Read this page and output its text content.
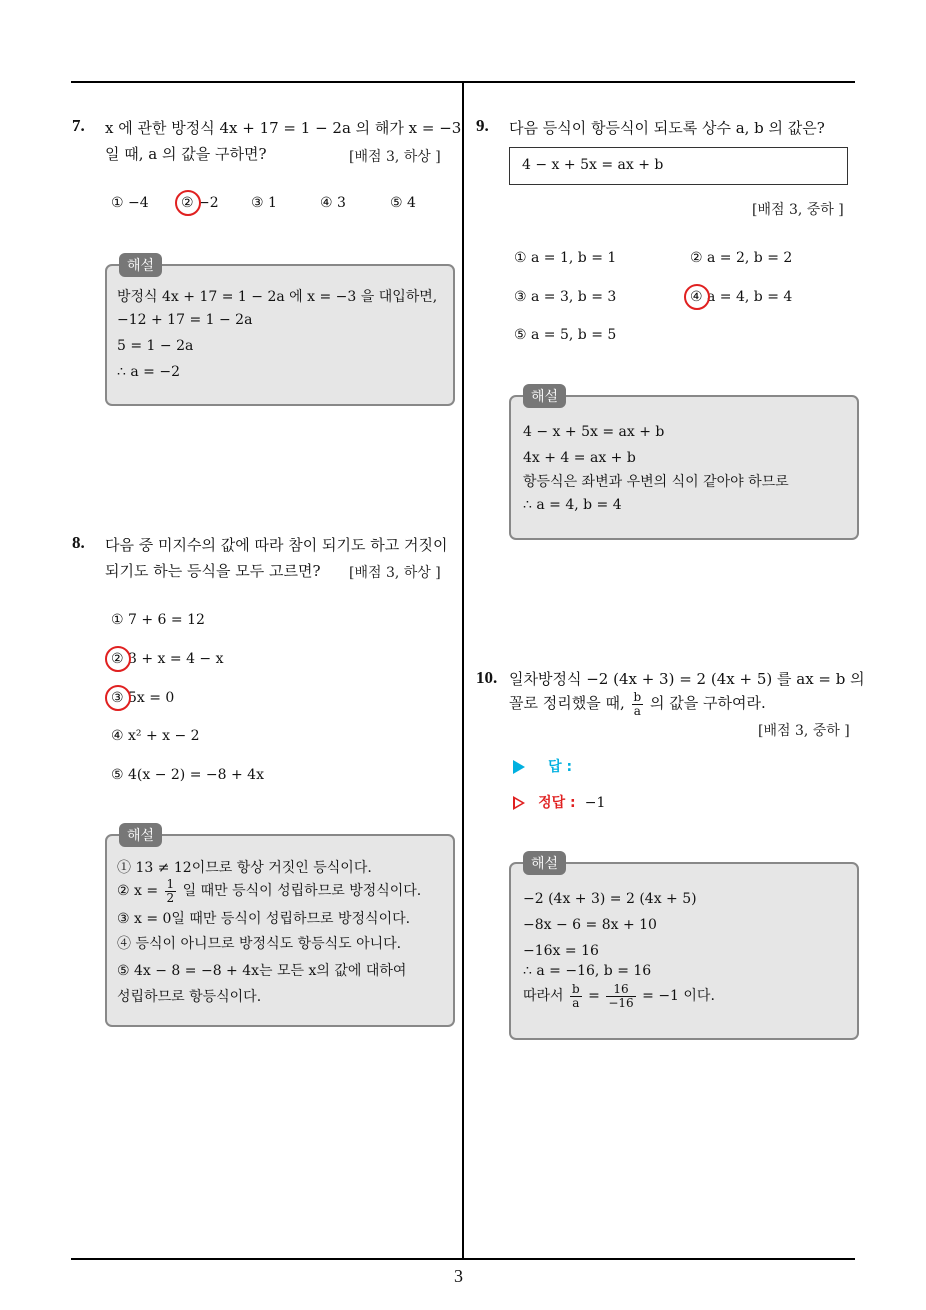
3
7. x 에 관한 방정식 4x + 17 = 1 − 2a 의 해가 x = −3
일 때, a 의 값을 구하면?	[배점 3, 하상 ]
① −4 ② −2 ③ 1	④ 3	⑤ 4
해설
방정식 4x + 17 = 1 − 2a 에 x = −3 을 대입하면,
−12 + 17 = 1 − 2a
5 = 1 − 2a
∴ a = −2
8. 다음 중 미지수의 값에 따라 참이 되기도 하고 거짓이
되기도 하는 등식을 모두 고르면? [배점 3, 하상 ]
① 7 + 6 = 12
② 3 + x = 4 − x
③ 5x = 0
④ x² + x − 2
⑤ 4(x − 2) = −8 + 4x
해설
① 13 ≠ 12이므로 항상 거짓인 등식이다.
② $x = \frac{1}{2}$ 일 때만 등식이 성립하므로 방정식이다.
③ x = 0일 때만 등식이 성립하므로 방정식이다.
④ 등식이 아니므로 방정식도 항등식도 아니다.
⑤ 4x − 8 = −8 + 4x는 모든 x의 값에 대하여
성립하므로 항등식이다.
9. 다음 등식이 항등식이 되도록 상수 a, b 의 값은?
4 − x + 5x = ax + b
[배점 3, 중하 ]
① a = 1, b = 1	② a = 2, b = 2
③ a = 3, b = 3	④ a = 4, b = 4
⑤ a = 5, b = 5
해설
4 − x + 5x = ax + b
4x + 4 = ax + b
항등식은 좌변과 우변의 식이 같아야 하므로
∴ a = 4, b = 4
10. 일차방정식 −2 (4x + 3) = 2 (4x + 5) 를 ax = b 의
꼴로 정리했을 때, $\frac{b}{a}$ 의 값을 구하여라.
[배점 3, 중하 ]
답 :
정답 : −1
해설
−2 (4x + 3) = 2 (4x + 5)
−8x − 6 = 8x + 10
−16x = 16
∴ a = −16, b = 16
따라서 $\frac{b}{a} = \frac{16}{-16} = -1$ 이다.
